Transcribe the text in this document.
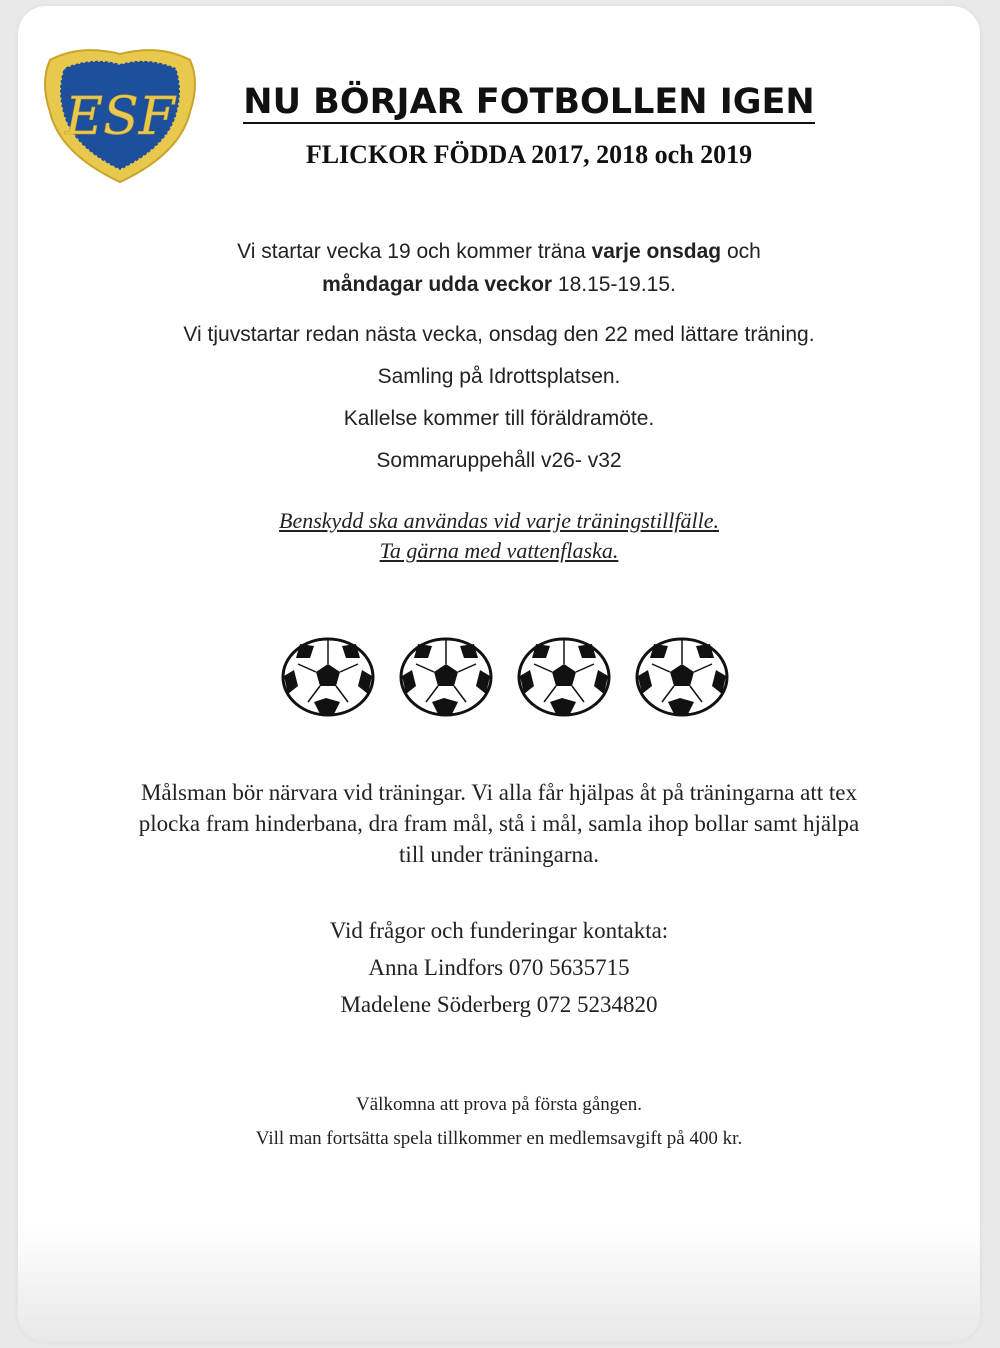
ESF	NU BÖRJAR FOTBOLLEN IGEN
FLICKOR FÖDDA 2017, 2018 och 2019
Vi startar vecka 19 och kommer träna varje onsdag och
måndagar udda veckor 18.15-19.15.
Vi tjuvstartar redan nästa vecka, onsdag den 22 med lättare träning.
Samling på Idrottsplatsen.
Kallelse kommer till föräldramöte.
Sommaruppehåll v26- v32
Benskydd ska användas vid varje träningstillfälle.
Ta gärna med vattenflaska.
Målsman bör närvara vid träningar. Vi alla får hjälpas åt på träningarna att tex
plocka fram hinderbana, dra fram mål, stå i mål, samla ihop bollar samt hjälpa
till under träningarna.
Vid frågor och funderingar kontakta:
Anna Lindfors 070 5635715
Madelene Söderberg 072 5234820
Välkomna att prova på första gången.
Vill man fortsätta spela tillkommer en medlemsavgift på 400 kr.
